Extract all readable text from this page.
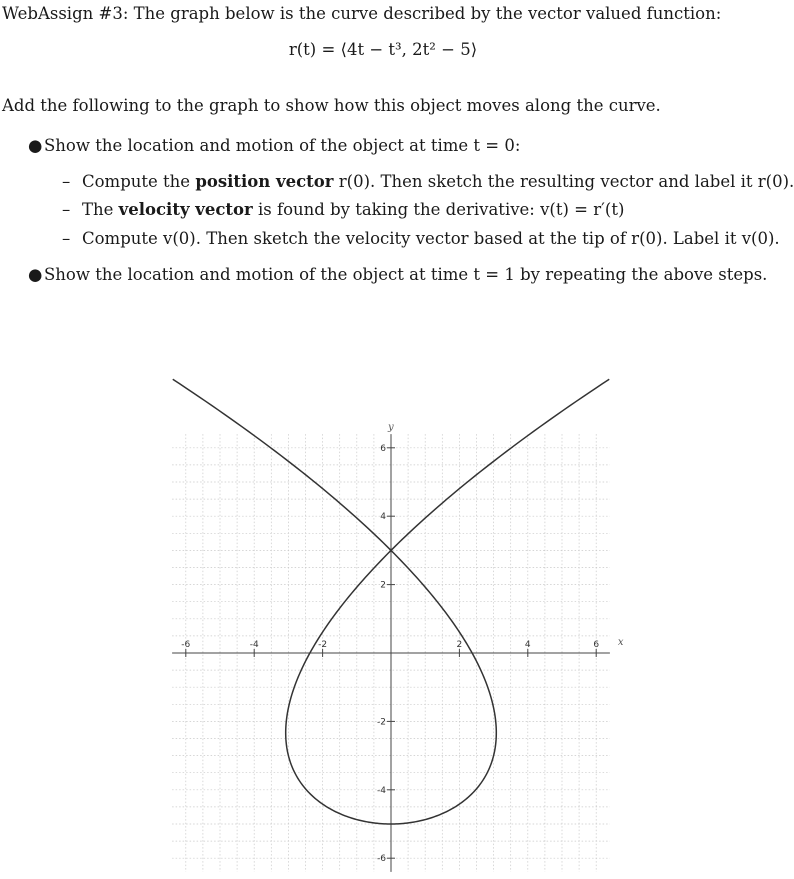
WebAssign #3: The graph below is the curve described by the vector valued function:
r(t) = ⟨4t − t³, 2t² − 5⟩
Add the following to the graph to show how this object moves along the curve.
●Show the location and motion of the object at time t = 0:
– Compute the position vector r(0). Then sketch the resulting vector and label it r(0).
– The velocity vector is found by taking the derivative: v(t) = r′(t)
– Compute v(0). Then sketch the velocity vector based at the tip of r(0). Label it v(0).
●Show the location and motion of the object at time t = 1 by repeating the above steps.
-6	-4	-2	2	4	6
6
4
2
-2
-4
-6
x
y
